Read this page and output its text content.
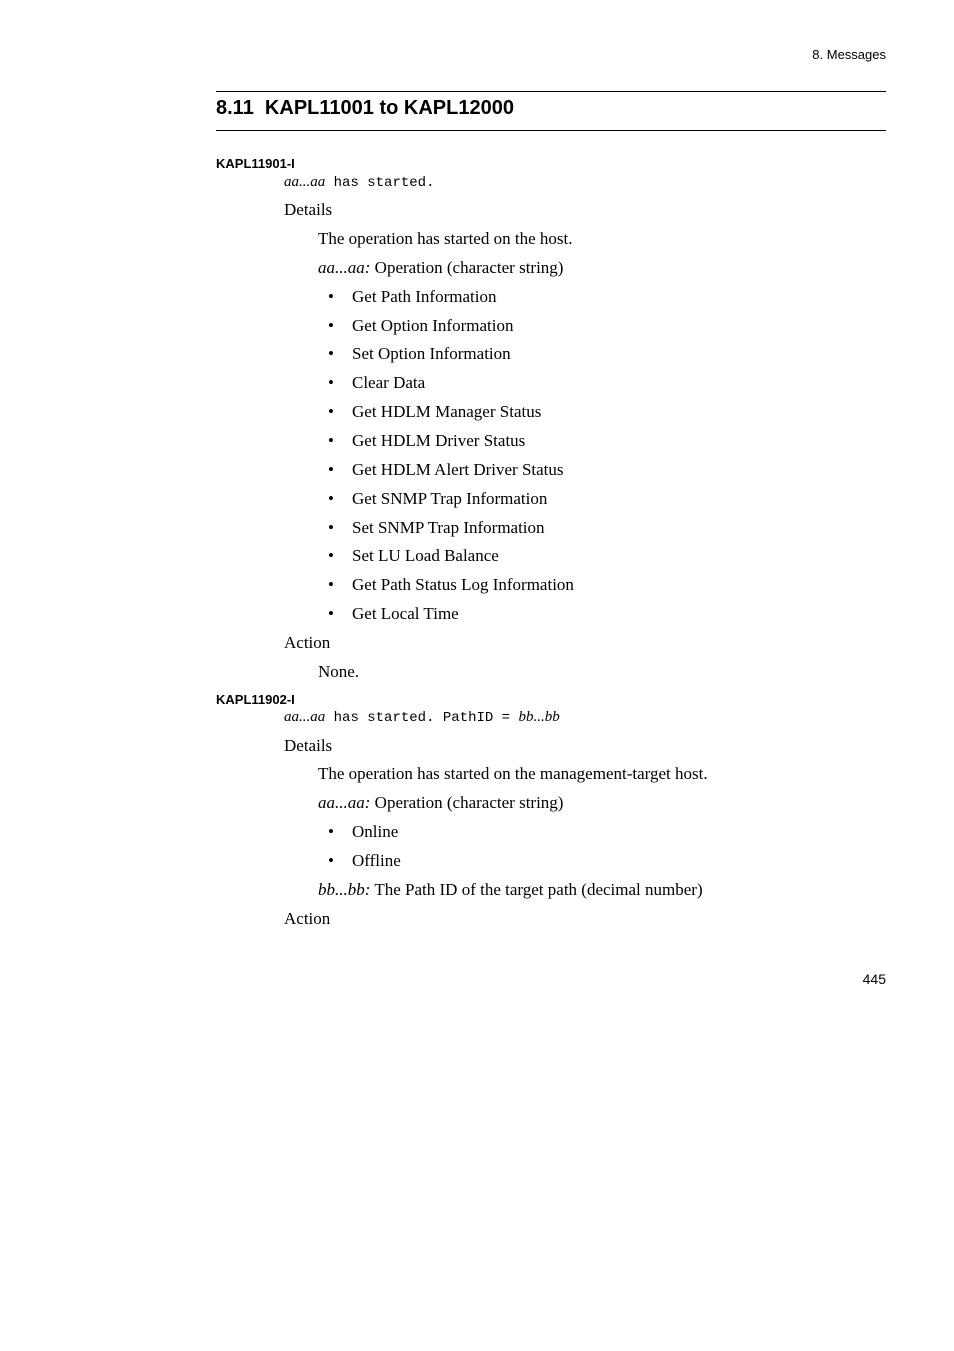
8. Messages
8.11  KAPL11001 to KAPL12000
KAPL11901-I
aa...aa has started.
Details
The operation has started on the host.
aa...aa: Operation (character string)
• Get Path Information
• Get Option Information
• Set Option Information
• Clear Data
• Get HDLM Manager Status
• Get HDLM Driver Status
• Get HDLM Alert Driver Status
• Get SNMP Trap Information
• Set SNMP Trap Information
• Set LU Load Balance
• Get Path Status Log Information
• Get Local Time
Action
None.
KAPL11902-I
aa...aa has started. PathID = bb...bb
Details
The operation has started on the management-target host.
aa...aa: Operation (character string)
• Online
• Offline
bb...bb: The Path ID of the target path (decimal number)
Action
445
